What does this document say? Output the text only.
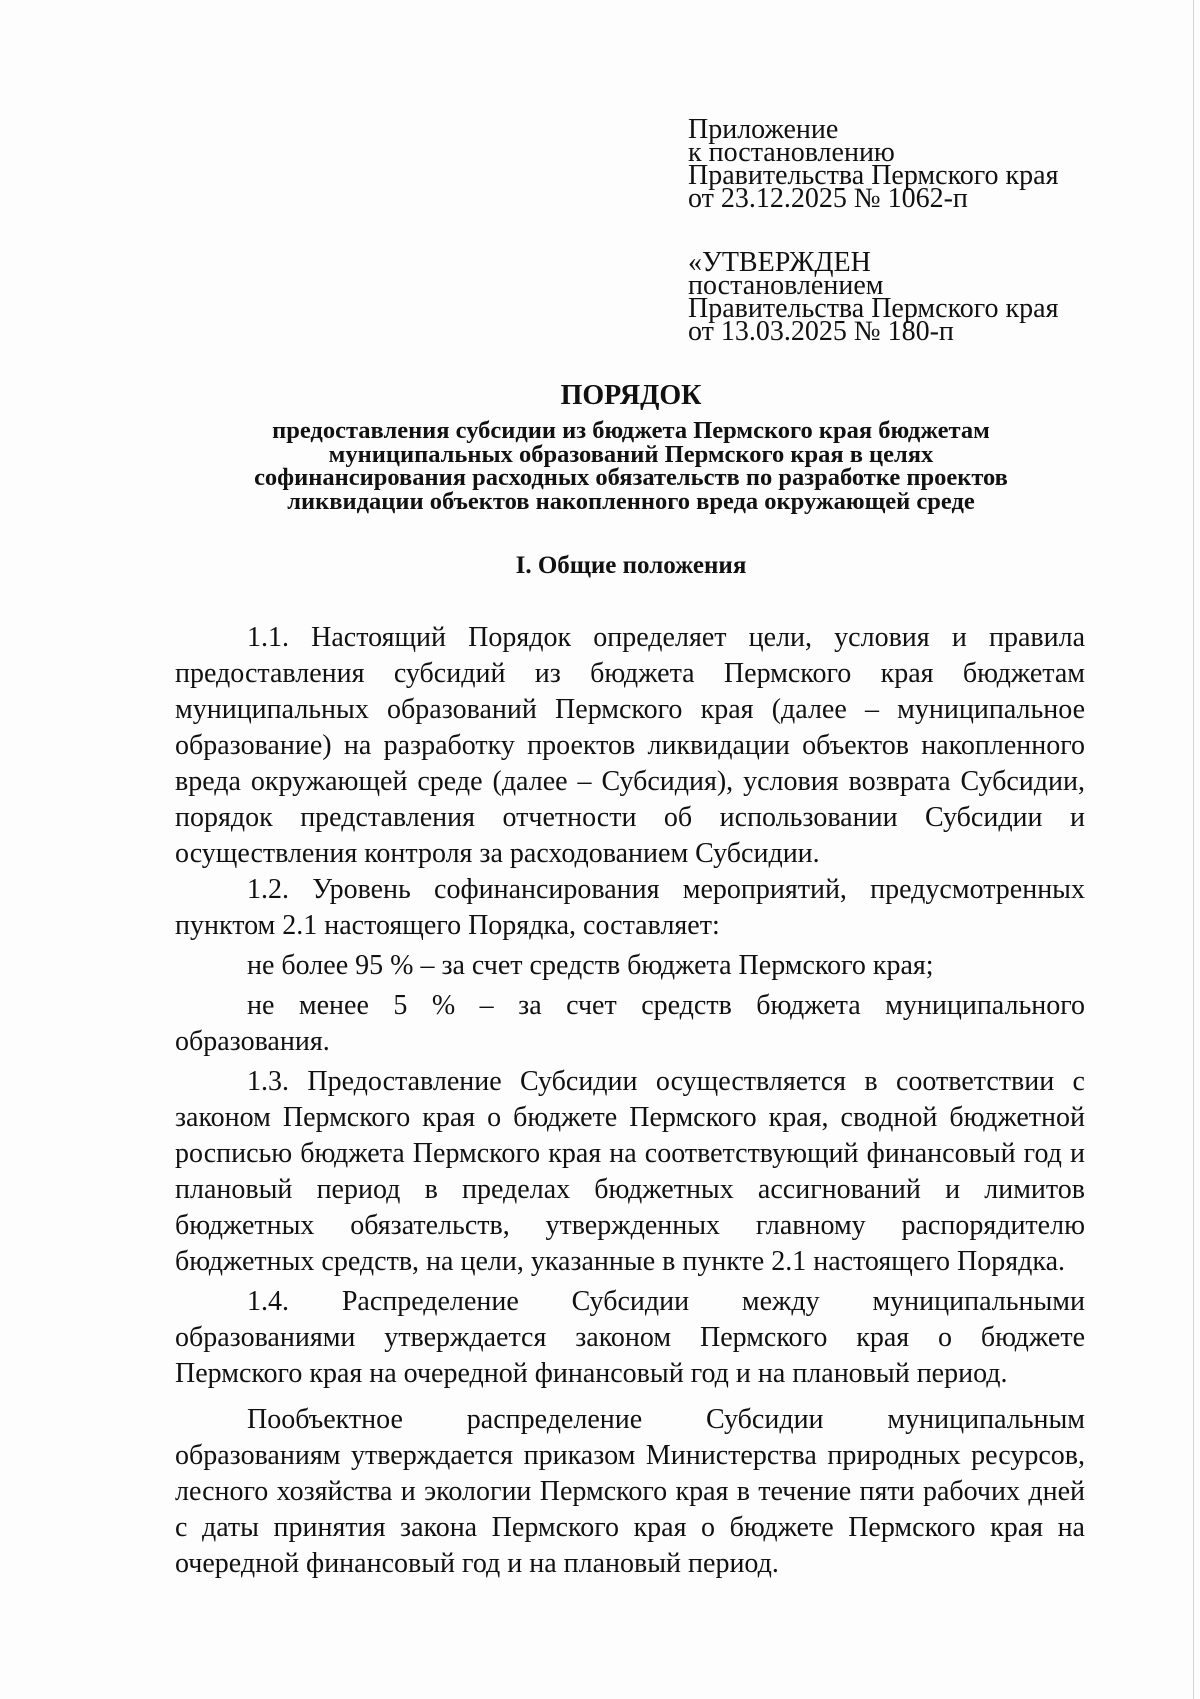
Приложение
к постановлению
Правительства Пермского края
от 23.12.2025 № 1062-п
«УТВЕРЖДЕН
постановлением
Правительства Пермского края
от 13.03.2025 № 180-п
ПОРЯДОК
предоставления субсидии из бюджета Пермского края бюджетам
муниципальных образований Пермского края в целях
софинансирования расходных обязательств по разработке проектов
ликвидации объектов накопленного вреда окружающей среде
I. Общие положения

1.1. Настоящий Порядок определяет цели, условия и правила предоставления субсидий из бюджета Пермского края бюджетам муниципальных образований Пермского края (далее – муниципальное образование) на разработку проектов ликвидации объектов накопленного вреда окружающей среде (далее – Субсидия), условия возврата Субсидии, порядок представления отчетности об использовании Субсидии и осуществления контроля за расходованием Субсидии.

1.2. Уровень софинансирования мероприятий, предусмотренных пунктом 2.1 настоящего Порядка, составляет:

не более 95 % – за счет средств бюджета Пермского края;

не менее 5 % – за счет средств бюджета муниципального образования.

1.3. Предоставление Субсидии осуществляется в соответствии с законом Пермского края о бюджете Пермского края, сводной бюджетной росписью бюджета Пермского края на соответствующий финансовый год и плановый период в пределах бюджетных ассигнований и лимитов бюджетных обязательств, утвержденных главному распорядителю бюджетных средств, на цели, указанные в пункте 2.1 настоящего Порядка.

1.4. Распределение Субсидии между муниципальными образованиями утверждается законом Пермского края о бюджете Пермского края на очередной финансовый год и на плановый период.

Пообъектное распределение Субсидии муниципальным образованиям утверждается приказом Министерства природных ресурсов, лесного хозяйства и экологии Пермского края в течение пяти рабочих дней с даты принятия закона Пермского края о бюджете Пермского края на очередной финансовый год и на плановый период.
